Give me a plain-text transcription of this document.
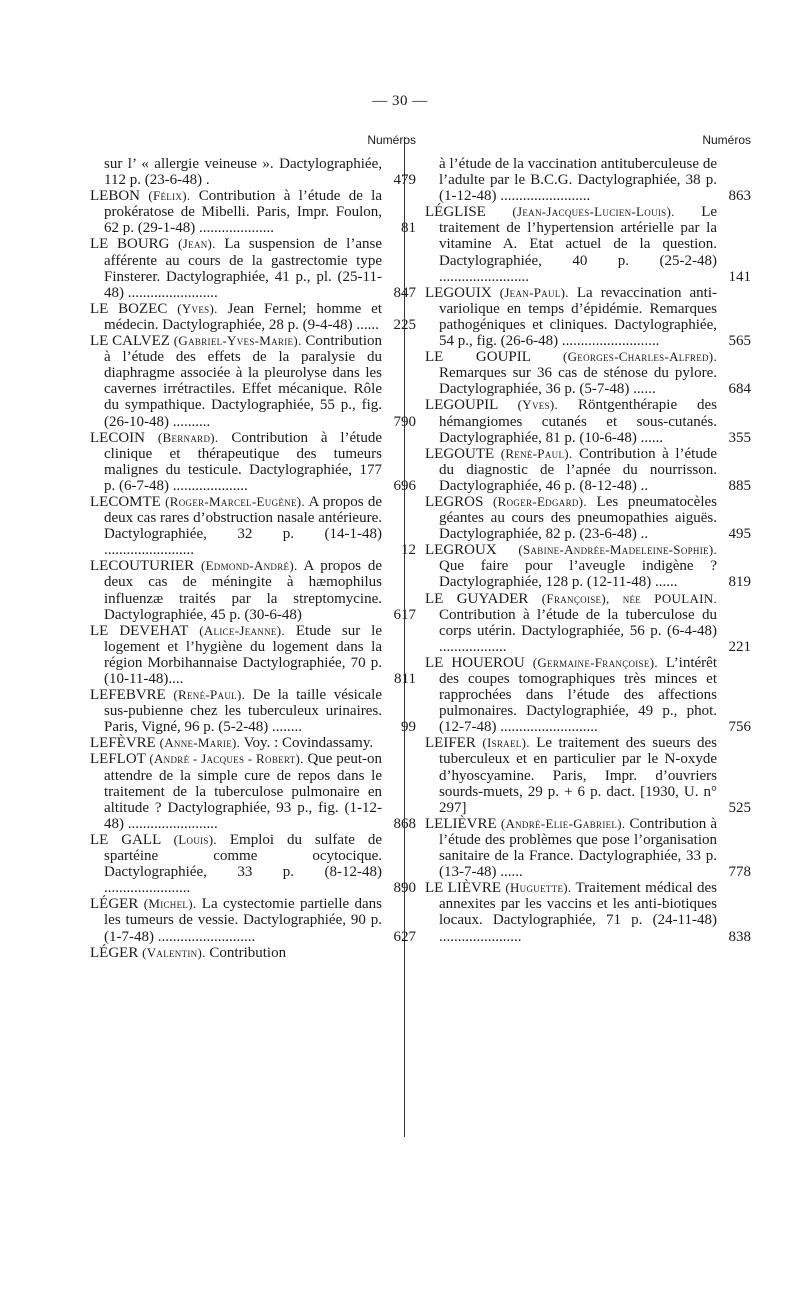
— 30 —
Numéros

sur l’ « allergie veineuse ». Dactylographiée, 112 p. (23-6-48) .	479

LEBON (Félix). Contribution à l’étude de la prokératose de Mibelli. Paris, Impr. Foulon, 62 p. (29-1-48) ....................	81

LE BOURG (Jean). La suspension de l’anse afférente au cours de la gastrectomie type Finsterer. Dactylographiée, 41 p., pl. (25-11-48) ........................	847

LE BOZEC (Yves). Jean Fernel; homme et médecin. Dactylographiée, 28 p. (9-4-48) ...... 225

LE CALVEZ (Gabriel-Yves-Marie). Contribution à l’étude des effets de la paralysie du diaphragme associée à la pleurolyse dans les cavernes irrétractiles. Effet mécanique. Rôle du sympathique. Dactylographiée, 55 p., fig. (26-10-48) ..........	790

LECOIN (Bernard). Contribution à l’étude clinique et thérapeutique des tumeurs malignes du testicule. Dactylographiée, 177 p. (6-7-48) ....................	696

LECOMTE (Roger-Marcel-Eugène). A propos de deux cas rares d’obstruction nasale antérieure. Dactylographiée, 32 p. (14-1-48) ........................	12

LECOUTURIER (Edmond-André). A propos de deux cas de méningite à hæmophilus influenzæ traités par la streptomycine. Dactylographiée, 45 p. (30-6-48)	617

LE DEVEHAT (Alice-Jeanne). Etude sur le logement et l’hygiène du logement dans la région Morbihannaise Dactylographiée, 70 p. (10-11-48)....	811

LEFEBVRE (René-Paul). De la taille vésicale sus-pubienne chez les tuberculeux urinaires. Paris, Vigné, 96 p. (5-2-48) ........	99

LEFÈVRE (Anne-Marie). Voy. : Covindassamy.

LEFLOT (André - Jacques - Robert). Que peut-on attendre de la simple cure de repos dans le traitement de la tuberculose pulmonaire en altitude ? Dactylographiée, 93 p., fig. (1-12-48) ........................	868

LE GALL (Louis). Emploi du sulfate de spartéine comme ocytocique. Dactylographiée, 33 p. (8-12-48) .......................	890

LÉGER (Michel). La cystectomie partielle dans les tumeurs de vessie. Dactylographiée, 90 p. (1-7-48) ..........................	627

LÉGER (Valentin). Contribution

Numéros

à l’étude de la vaccination antituberculeuse de l’adulte par le B.C.G. Dactylographiée, 38 p. (1-12-48) ........................	863

LÉGLISE (Jean-Jacques-Lucien-Louis). Le traitement de l’hypertension artérielle par la vitamine A. Etat actuel de la question. Dactylographiée, 40 p. (25-2-48) ........................	141

LEGOUIX (Jean-Paul). La revaccination anti-variolique en temps d’épidémie. Remarques pathogéniques et cliniques. Dactylographiée, 54 p., fig. (26-6-48) ..........................	565

LE GOUPIL	(Georges-Charles-Alfred). Remarques sur 36 cas de sténose du pylore. Dactylographiée, 36 p. (5-7-48) ......	684

LEGOUPIL (Yves). Röntgenthérapie des hémangiomes cutanés et sous-cutanés. Dactylographiée, 81 p. (10-6-48) ......	355

LEGOUTE (René-Paul). Contribution à l’étude du diagnostic de l’apnée du nourrisson. Dactylographiée, 46 p. (8-12-48) ..	885

LEGROS (Roger-Edgard). Les pneumatocèles géantes au cours des pneumopathies aiguës. Dactylographiée, 82 p. (23-6-48) ..	495

LEGROUX (Sabine-Andrée-Madeleine-Sophie). Que faire pour l’aveugle indigène ? Dactylographiée, 128 p. (12-11-48) ......	819

LE GUYADER (Françoise), née POULAIN. Contribution à l’étude de la tuberculose du corps utérin. Dactylographiée, 56 p. (6-4-48) ..................	221

LE HOUEROU (Germaine-Françoise). L’intérêt des coupes tomographiques très minces et rapprochées dans l’étude des affections pulmonaires. Dactylographiée, 49 p., phot. (12-7-48) ..........................	756

LEIFER (Israel). Le traitement des sueurs des tuberculeux et en particulier par le N-oxyde d’hyoscyamine. Paris, Impr. d’ouvriers sourds-muets, 29 p. + 6 p. dact. [1930, U. n° 297]	525

LELIÈVRE (André-Elie-Gabriel). Contribution à l’étude des problèmes que pose l’organisation sanitaire de la France. Dactylographiée, 33 p. (13-7-48) ......	778

LE LIÈVRE (Huguette). Traitement médical des annexites par les vaccins et les anti-biotiques locaux. Dactylographiée, 71 p. (24-11-48) ......................	838
